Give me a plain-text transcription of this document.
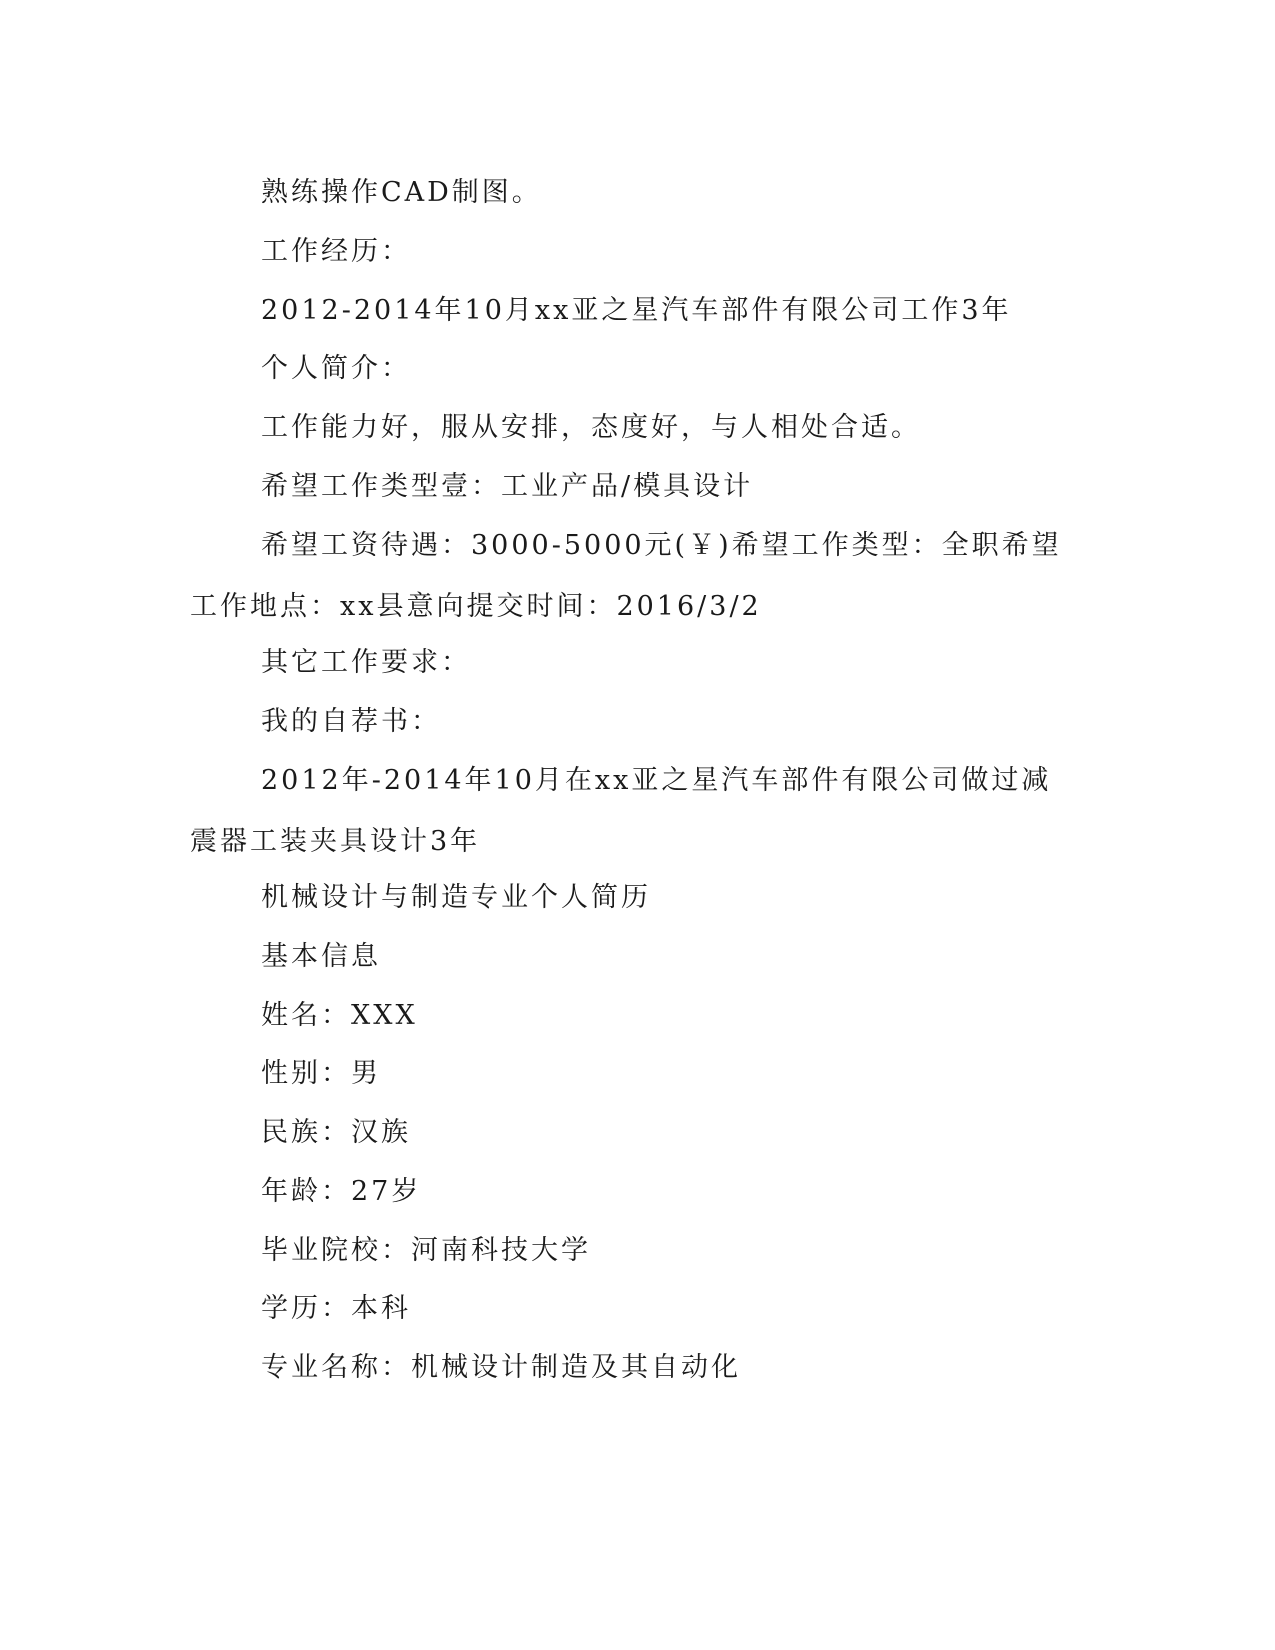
熟练操作CAD制图。

工作经历：

2012-2014年10月xx亚之星汽车部件有限公司工作3年

个人简介：

工作能力好，服从安排，态度好，与人相处合适。

希望工作类型壹：工业产品/模具设计

希望工资待遇：3000-5000元(￥)希望工作类型：全职希望工作地点：xx县意向提交时间：2016/3/2

其它工作要求：

我的自荐书：

2012年-2014年10月在xx亚之星汽车部件有限公司做过减震器工装夹具设计3年

机械设计与制造专业个人简历

基本信息

姓名：XXX

性别：男

民族：汉族

年龄：27岁

毕业院校：河南科技大学

学历：本科

专业名称：机械设计制造及其自动化
